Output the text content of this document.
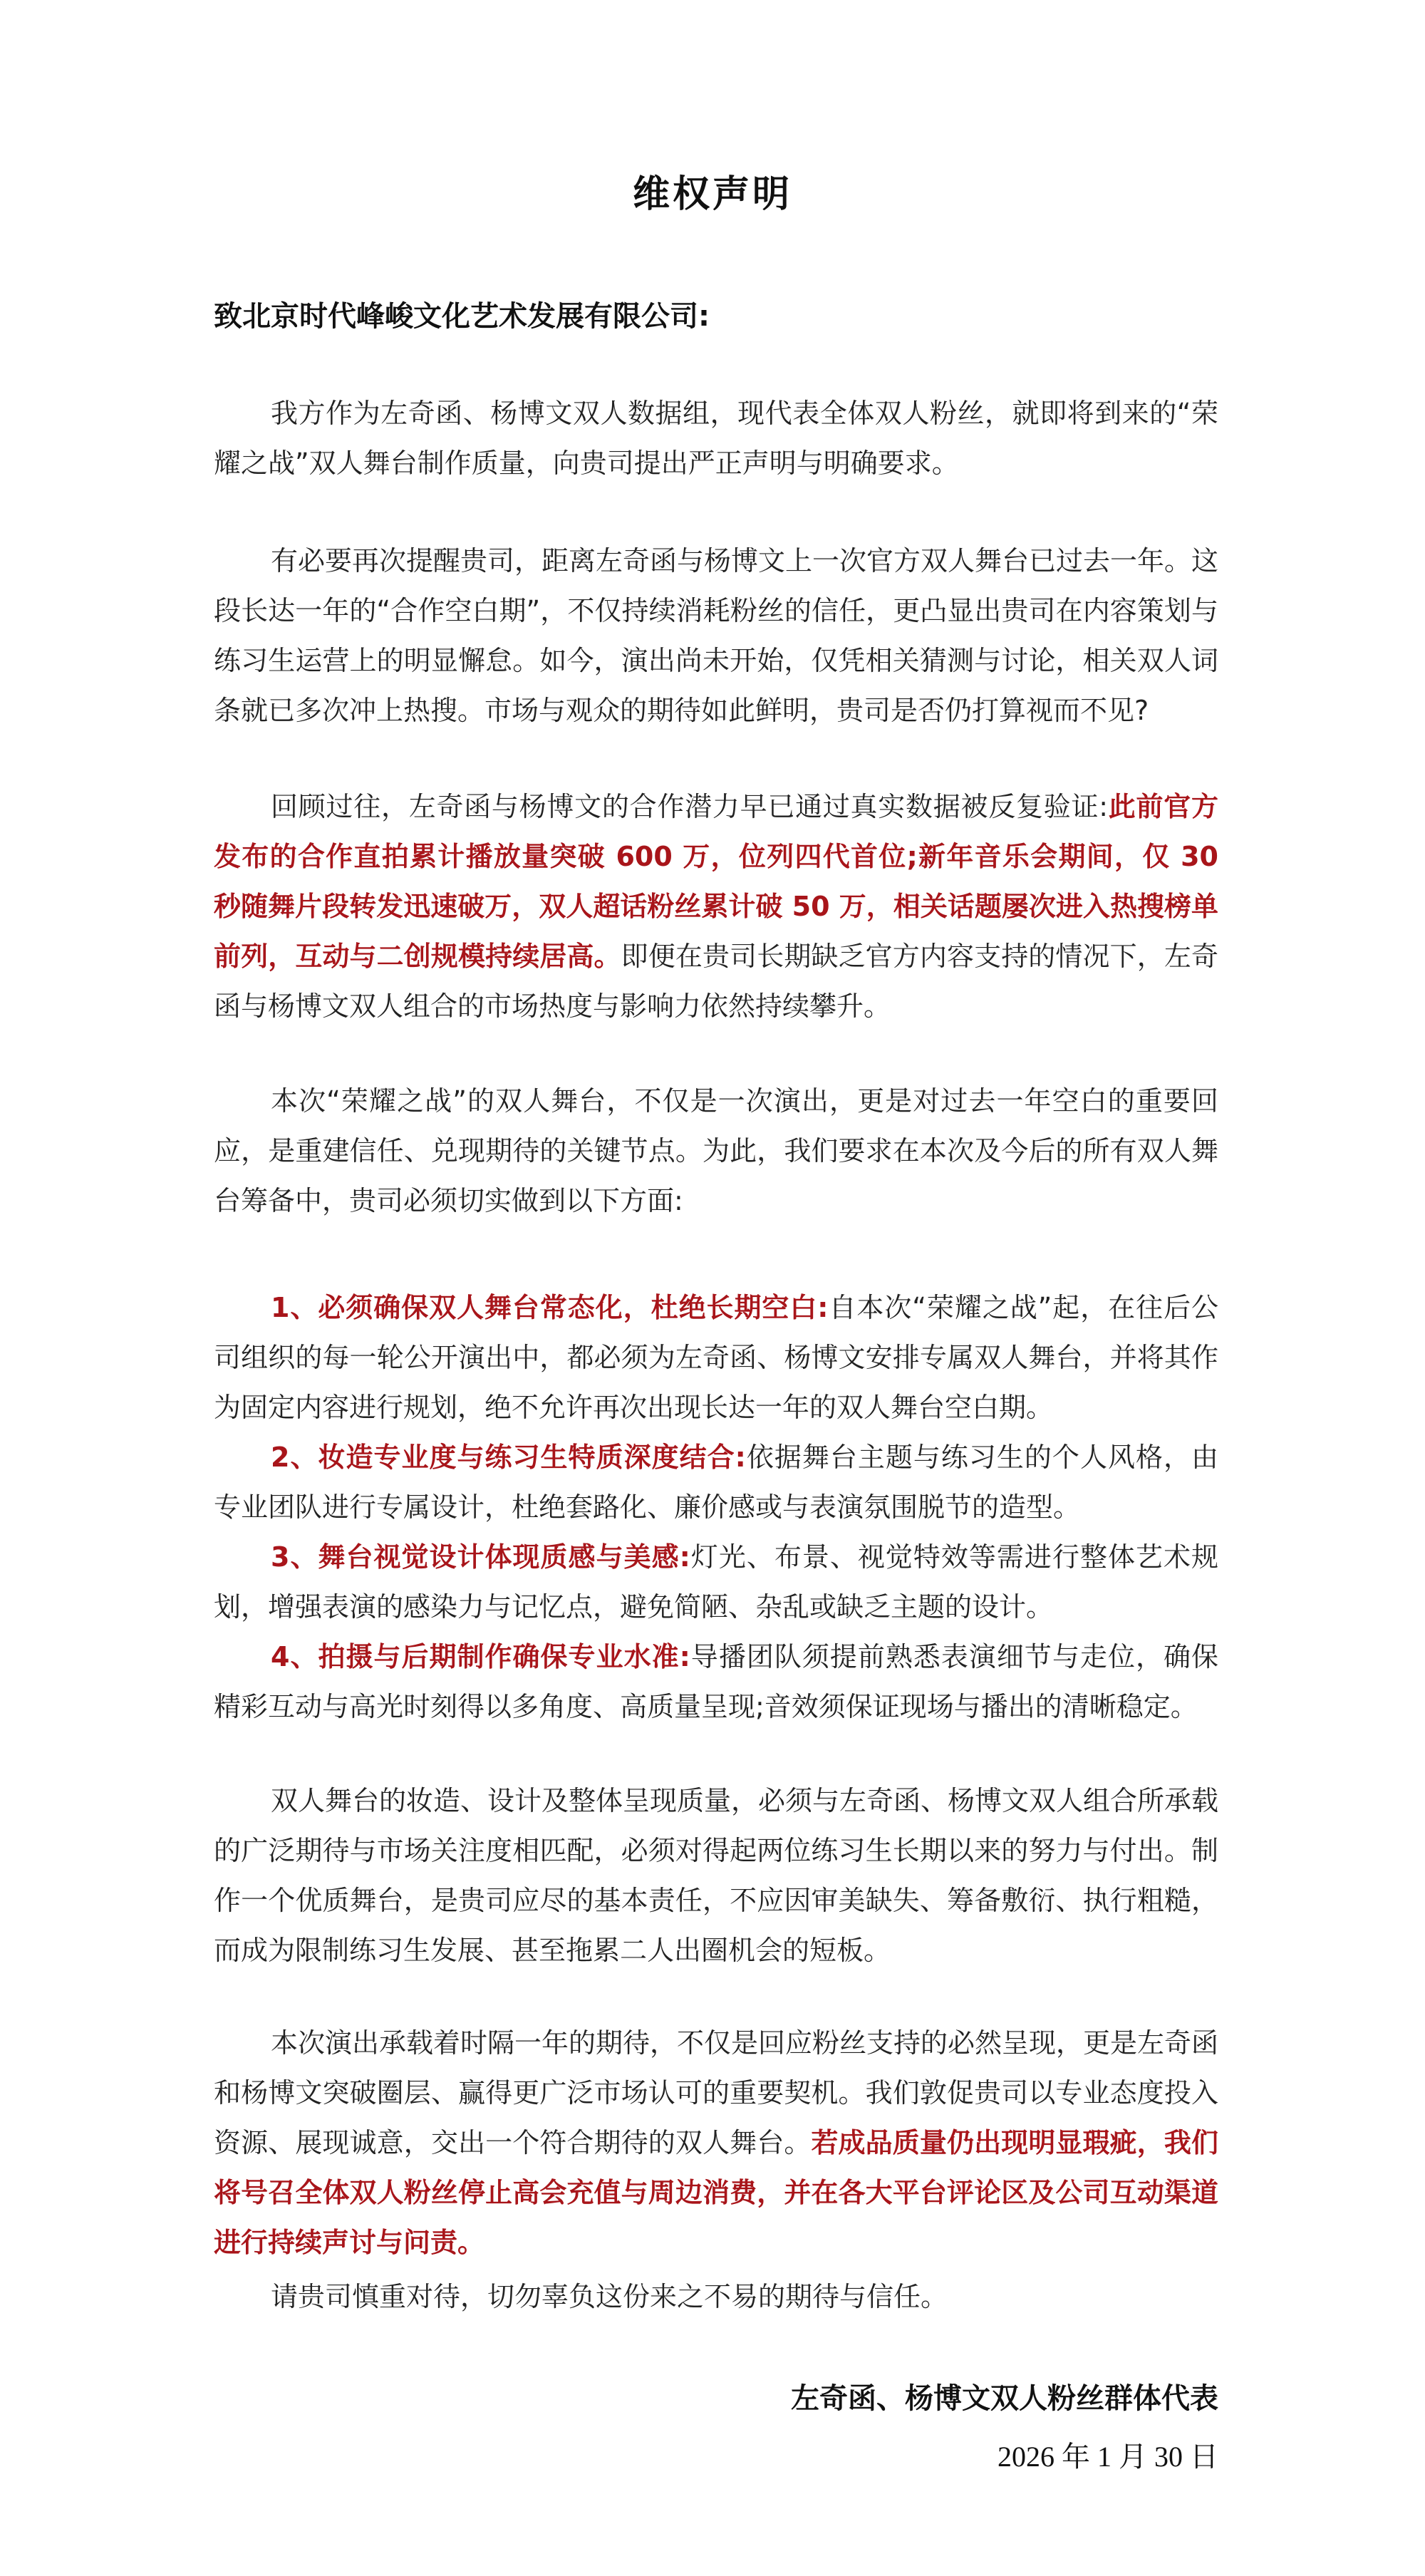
维权声明
致北京时代峰峻文化艺术发展有限公司:

我方作为左奇函、杨博文双人数据组，现代表全体双人粉丝，就即将到来的“荣耀之战”双人舞台制作质量，向贵司提出严正声明与明确要求。

有必要再次提醒贵司，距离左奇函与杨博文上一次官方双人舞台已过去一年。这段长达一年的“合作空白期”，不仅持续消耗粉丝的信任，更凸显出贵司在内容策划与练习生运营上的明显懈怠。如今，演出尚未开始，仅凭相关猜测与讨论，相关双人词条就已多次冲上热搜。市场与观众的期待如此鲜明，贵司是否仍打算视而不见?

回顾过往，左奇函与杨博文的合作潜力早已通过真实数据被反复验证:此前官方发布的合作直拍累计播放量突破 600 万，位列四代首位;新年音乐会期间，仅 30 秒随舞片段转发迅速破万，双人超话粉丝累计破 50 万，相关话题屡次进入热搜榜单前列，互动与二创规模持续居高。即便在贵司长期缺乏官方内容支持的情况下，左奇函与杨博文双人组合的市场热度与影响力依然持续攀升。

本次“荣耀之战”的双人舞台，不仅是一次演出，更是对过去一年空白的重要回应，是重建信任、兑现期待的关键节点。为此，我们要求在本次及今后的所有双人舞台筹备中，贵司必须切实做到以下方面:

1、必须确保双人舞台常态化，杜绝长期空白:自本次“荣耀之战”起，在往后公司组织的每一轮公开演出中，都必须为左奇函、杨博文安排专属双人舞台，并将其作为固定内容进行规划，绝不允许再次出现长达一年的双人舞台空白期。
2、妆造专业度与练习生特质深度结合:依据舞台主题与练习生的个人风格，由专业团队进行专属设计，杜绝套路化、廉价感或与表演氛围脱节的造型。
3、舞台视觉设计体现质感与美感:灯光、布景、视觉特效等需进行整体艺术规划，增强表演的感染力与记忆点，避免简陋、杂乱或缺乏主题的设计。
4、拍摄与后期制作确保专业水准:导播团队须提前熟悉表演细节与走位，确保精彩互动与高光时刻得以多角度、高质量呈现;音效须保证现场与播出的清晰稳定。

双人舞台的妆造、设计及整体呈现质量，必须与左奇函、杨博文双人组合所承载的广泛期待与市场关注度相匹配，必须对得起两位练习生长期以来的努力与付出。制作一个优质舞台，是贵司应尽的基本责任，不应因审美缺失、筹备敷衍、执行粗糙，而成为限制练习生发展、甚至拖累二人出圈机会的短板。

本次演出承载着时隔一年的期待，不仅是回应粉丝支持的必然呈现，更是左奇函和杨博文突破圈层、赢得更广泛市场认可的重要契机。我们敦促贵司以专业态度投入资源、展现诚意，交出一个符合期待的双人舞台。若成品质量仍出现明显瑕疵，我们将号召全体双人粉丝停止高会充值与周边消费，并在各大平台评论区及公司互动渠道进行持续声讨与问责。

请贵司慎重对待，切勿辜负这份来之不易的期待与信任。

左奇函、杨博文双人粉丝群体代表
2026 年 1 月 30 日
